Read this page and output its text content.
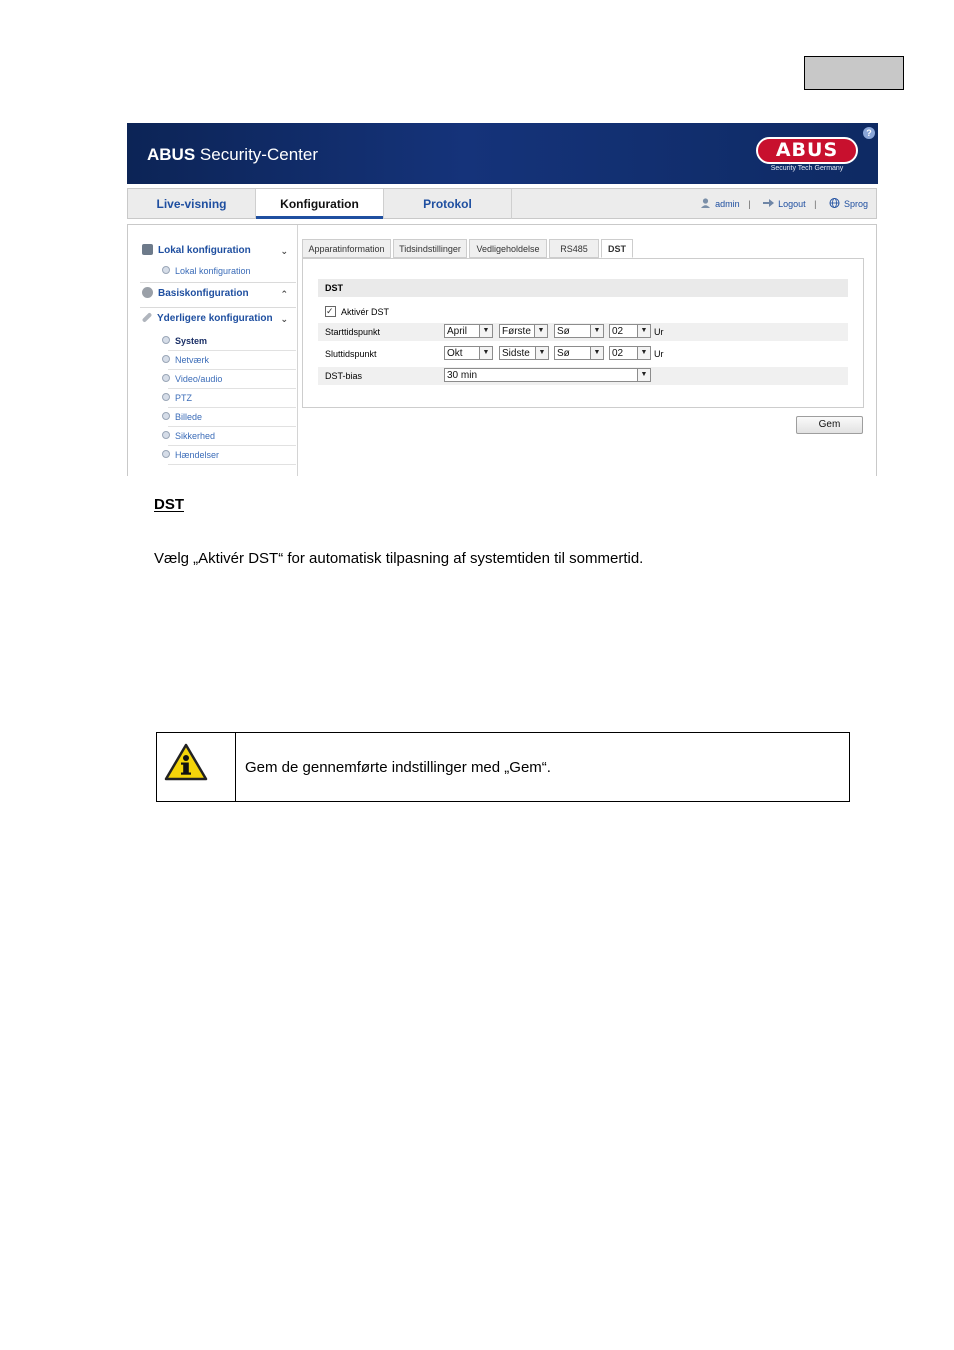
ABUS Security-Center	ABUS
Security Tech Germany
?
Live-visning	Konfiguration	Protokol	admin |	Logout |	Sprog
Lokal konfiguration	⌄
Lokal konfiguration
Basiskonfiguration	⌃
Yderligere konfiguration ⌄
System
Netværk
Video/audio
PTZ
Billede
Sikkerhed
Hændelser
Apparatinformation	Tidsindstillinger	Vedligeholdelse	RS485	DST
DST
✓Aktivér DST
Starttidspunkt	April	▼	Første ▼	Sø	▼	02	▼ Ur
Sluttidspunkt	Okt	▼	Sidste	▼	Sø	▼	02	▼ Ur
DST-bias	30 min	▼
Gem
DST
Vælg „Aktivér DST“ for automatisk tilpasning af systemtiden til sommertid.
Gem de gennemførte indstillinger med „Gem“.
